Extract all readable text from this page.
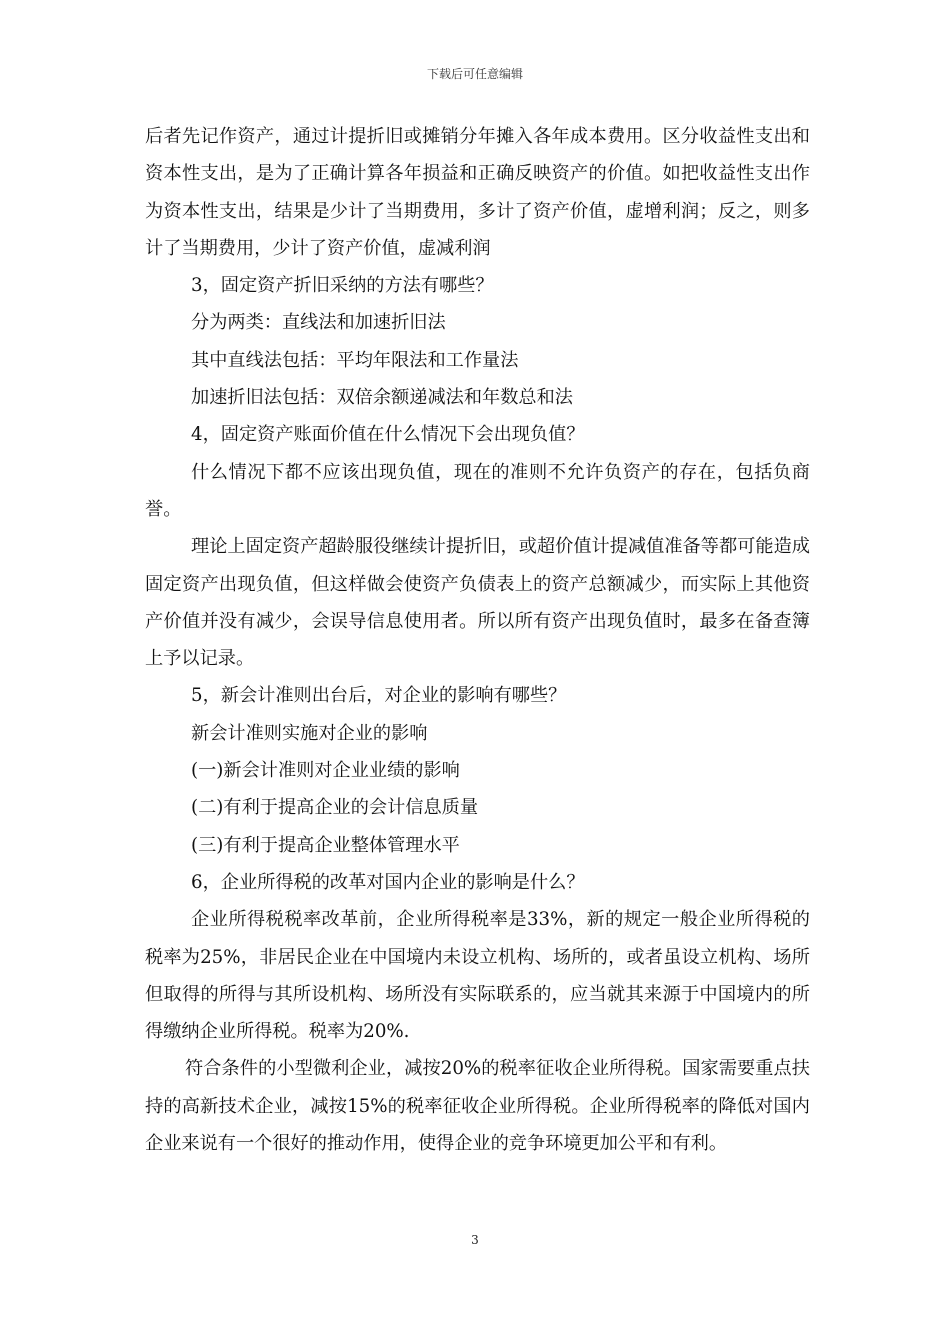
下载后可任意编辑

后者先记作资产，通过计提折旧或摊销分年摊入各年成本费用。区分收益性支出和资本性支出，是为了正确计算各年损益和正确反映资产的价值。如把收益性支出作为资本性支出，结果是少计了当期费用，多计了资产价值，虚增利润；反之，则多计了当期费用，少计了资产价值，虚减利润

3，固定资产折旧采纳的方法有哪些？

分为两类：直线法和加速折旧法

其中直线法包括：平均年限法和工作量法

加速折旧法包括：双倍余额递减法和年数总和法

4，固定资产账面价值在什么情况下会出现负值？

什么情况下都不应该出现负值，现在的准则不允许负资产的存在，包括负商誉。

理论上固定资产超龄服役继续计提折旧，或超价值计提减值准备等都可能造成固定资产出现负值，但这样做会使资产负债表上的资产总额减少，而实际上其他资产价值并没有减少，会误导信息使用者。所以所有资产出现负值时，最多在备查簿上予以记录。

5，新会计准则出台后，对企业的影响有哪些？

新会计准则实施对企业的影响

(一)新会计准则对企业业绩的影响

(二)有利于提高企业的会计信息质量

(三)有利于提高企业整体管理水平

6，企业所得税的改革对国内企业的影响是什么？

企业所得税税率改革前，企业所得税率是33%，新的规定一般企业所得税的税率为25%，非居民企业在中国境内未设立机构、场所的，或者虽设立机构、场所但取得的所得与其所设机构、场所没有实际联系的，应当就其来源于中国境内的所得缴纳企业所得税。税率为20%.

符合条件的小型微利企业，减按20%的税率征收企业所得税。国家需要重点扶持的高新技术企业，减按15%的税率征收企业所得税。企业所得税率的降低对国内企业来说有一个很好的推动作用，使得企业的竞争环境更加公平和有利。

3
